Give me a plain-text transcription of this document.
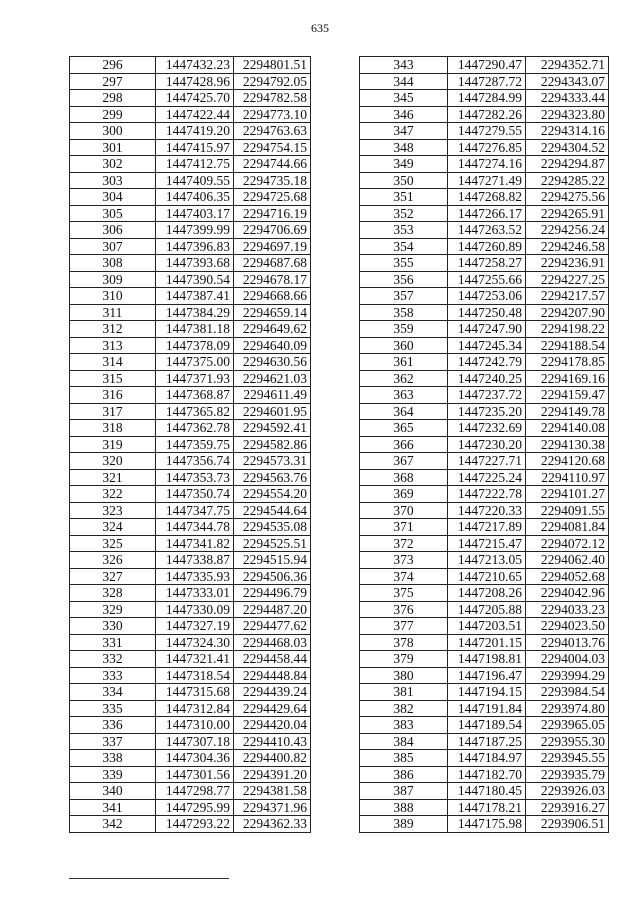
635
296	1447432.23	2294801.51
297	1447428.96	2294792.05
298	1447425.70	2294782.58
299	1447422.44	2294773.10
300	1447419.20	2294763.63
301	1447415.97	2294754.15
302	1447412.75	2294744.66
303	1447409.55	2294735.18
304	1447406.35	2294725.68
305	1447403.17	2294716.19
306	1447399.99	2294706.69
307	1447396.83	2294697.19
308	1447393.68	2294687.68
309	1447390.54	2294678.17
310	1447387.41	2294668.66
311	1447384.29	2294659.14
312	1447381.18	2294649.62
313	1447378.09	2294640.09
314	1447375.00	2294630.56
315	1447371.93	2294621.03
316	1447368.87	2294611.49
317	1447365.82	2294601.95
318	1447362.78	2294592.41
319	1447359.75	2294582.86
320	1447356.74	2294573.31
321	1447353.73	2294563.76
322	1447350.74	2294554.20
323	1447347.75	2294544.64
324	1447344.78	2294535.08
325	1447341.82	2294525.51
326	1447338.87	2294515.94
327	1447335.93	2294506.36
328	1447333.01	2294496.79
329	1447330.09	2294487.20
330	1447327.19	2294477.62
331	1447324.30	2294468.03
332	1447321.41	2294458.44
333	1447318.54	2294448.84
334	1447315.68	2294439.24
335	1447312.84	2294429.64
336	1447310.00	2294420.04
337	1447307.18	2294410.43
338	1447304.36	2294400.82
339	1447301.56	2294391.20
340	1447298.77	2294381.58
341	1447295.99	2294371.96
342	1447293.22	2294362.33
343	1447290.47	2294352.71
344	1447287.72	2294343.07
345	1447284.99	2294333.44
346	1447282.26	2294323.80
347	1447279.55	2294314.16
348	1447276.85	2294304.52
349	1447274.16	2294294.87
350	1447271.49	2294285.22
351	1447268.82	2294275.56
352	1447266.17	2294265.91
353	1447263.52	2294256.24
354	1447260.89	2294246.58
355	1447258.27	2294236.91
356	1447255.66	2294227.25
357	1447253.06	2294217.57
358	1447250.48	2294207.90
359	1447247.90	2294198.22
360	1447245.34	2294188.54
361	1447242.79	2294178.85
362	1447240.25	2294169.16
363	1447237.72	2294159.47
364	1447235.20	2294149.78
365	1447232.69	2294140.08
366	1447230.20	2294130.38
367	1447227.71	2294120.68
368	1447225.24	2294110.97
369	1447222.78	2294101.27
370	1447220.33	2294091.55
371	1447217.89	2294081.84
372	1447215.47	2294072.12
373	1447213.05	2294062.40
374	1447210.65	2294052.68
375	1447208.26	2294042.96
376	1447205.88	2294033.23
377	1447203.51	2294023.50
378	1447201.15	2294013.76
379	1447198.81	2294004.03
380	1447196.47	2293994.29
381	1447194.15	2293984.54
382	1447191.84	2293974.80
383	1447189.54	2293965.05
384	1447187.25	2293955.30
385	1447184.97	2293945.55
386	1447182.70	2293935.79
387	1447180.45	2293926.03
388	1447178.21	2293916.27
389	1447175.98	2293906.51
